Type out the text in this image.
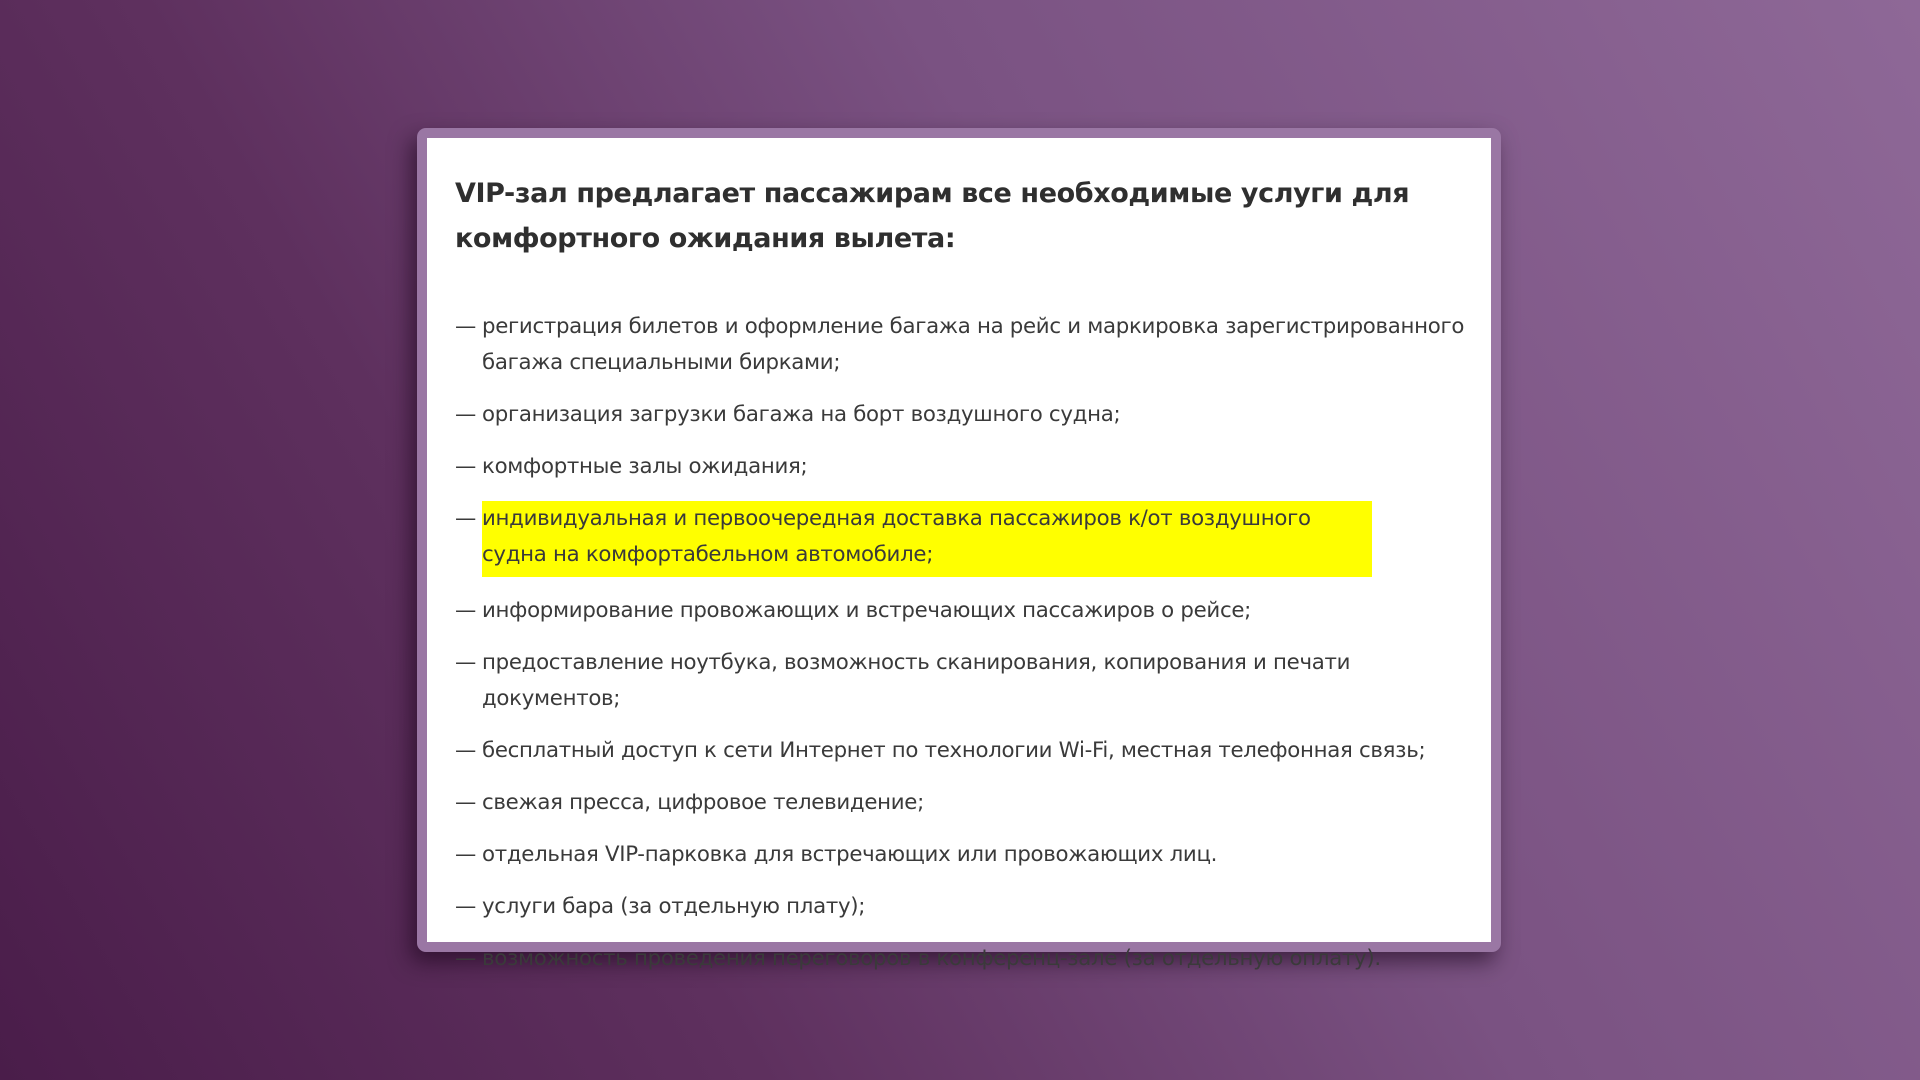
VIP-зал предлагает пассажирам все необходимые услуги для комфортного ожидания вылета:
— регистрация билетов и оформление багажа на рейс и маркировка зарегистрированного багажа специальными бирками;
— организация загрузки багажа на борт воздушного судна;
— комфортные залы ожидания;
— индивидуальная и первоочередная доставка пассажиров к/от воздушного судна на комфортабельном автомобиле;
— информирование провожающих и встречающих пассажиров о рейсе;
— предоставление ноутбука, возможность сканирования, копирования и печати документов;
— бесплатный доступ к сети Интернет по технологии Wi-Fi, местная телефонная связь;
— свежая пресса, цифровое телевидение;
— отдельная VIP-парковка для встречающих или провожающих лиц.
— услуги бара (за отдельную плату);
— возможность проведения переговоров в конференц-зале (за отдельную оплату).
